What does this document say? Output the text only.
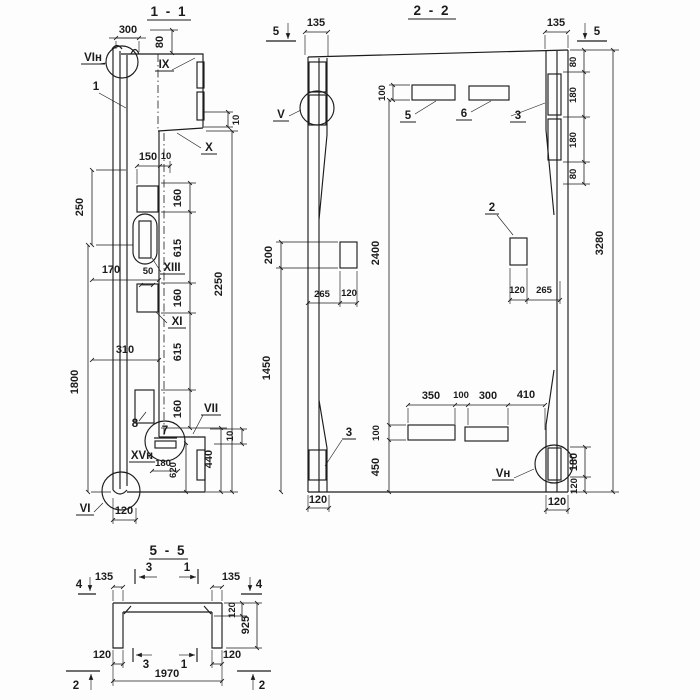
1 - 1
300
80
10
150 10
160
615
160
615
160
2250
250
170 50
310
1800
180
620
440
10
120
VIн
1
IX
X
XIII
XI
VII
XVн
VI
7
8
2 - 2
135	135
5	5
100
80
180
180
80
3280
200
1450
2400
265 120	120 265
350 100 300 410
100
450	180
120
120	120
V	5	6	3
2
3
Vн
5 - 5
135	135
4	4
3	1
120
925
120	120
3	1
1970
2	2
